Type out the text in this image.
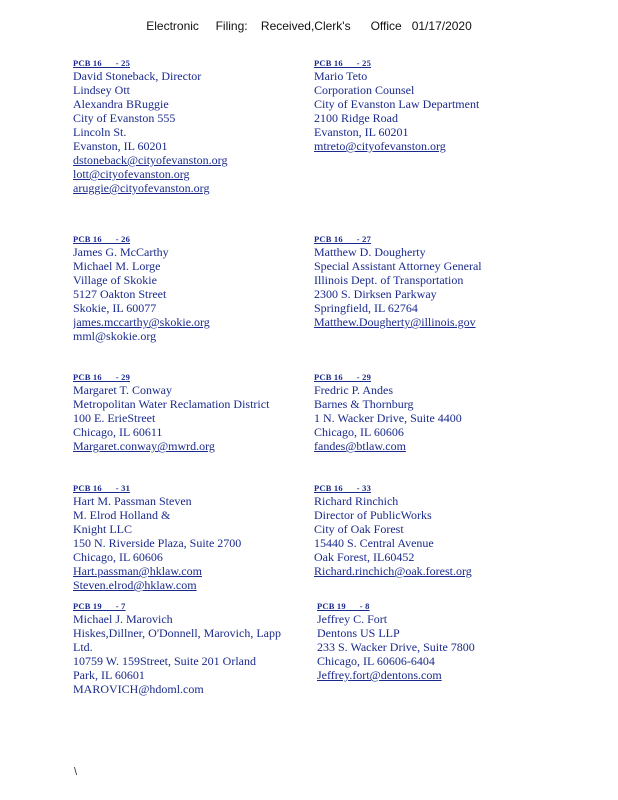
Electronic     Filing:    Received,Clerk's      Office   01/17/2020
PCB 16      - 25
David Stoneback, Director
Lindsey Ott
Alexandra BRuggie
City of Evanston 555
Lincoln St.
Evanston, IL 60201
dstoneback@cityofevanston.org
lott@cityofevanston.org
aruggie@cityofevanston.org
PCB 16      - 25
Mario Teto
Corporation Counsel
City of Evanston Law Department
2100 Ridge Road
Evanston, IL 60201
mtreto@cityofevanston.org
PCB 16      - 26
James G. McCarthy
Michael M. Lorge
Village of Skokie
5127 Oakton Street
Skokie, IL 60077
james.mccarthy@skokie.org
mml@skokie.org
PCB 16      - 27
Matthew D. Dougherty
Special Assistant Attorney General
Illinois Dept. of Transportation
2300 S. Dirksen Parkway
Springfield, IL 62764
Matthew.Dougherty@illinois.gov
PCB 16      - 29
Margaret T. Conway
Metropolitan Water Reclamation District
100 E. ErieStreet
Chicago, IL 60611
Margaret.conway@mwrd.org
PCB 16      - 29
Fredric P. Andes
Barnes & Thornburg
1 N. Wacker Drive, Suite 4400
Chicago, IL 60606
fandes@btlaw.com
PCB 16      - 31
Hart M. Passman Steven
M. Elrod Holland &
Knight LLC
150 N. Riverside Plaza, Suite 2700
Chicago, IL 60606
Hart.passman@hklaw.com
Steven.elrod@hklaw.com
PCB 16      - 33
Richard Rinchich
Director of PublicWorks
City of Oak Forest
15440 S. Central Avenue
Oak Forest, IL60452
Richard.rinchich@oak.forest.org
PCB 19      - 7
Michael J. Marovich
Hiskes,Dillner, O'Donnell, Marovich, Lapp
Ltd.
10759 W. 159Street, Suite 201 Orland
Park, IL 60601
MAROVICH@hdoml.com
PCB 19      - 8
Jeffrey C. Fort
Dentons US LLP
233 S. Wacker Drive, Suite 7800
Chicago, IL 60606-6404
Jeffrey.fort@dentons.com
\
